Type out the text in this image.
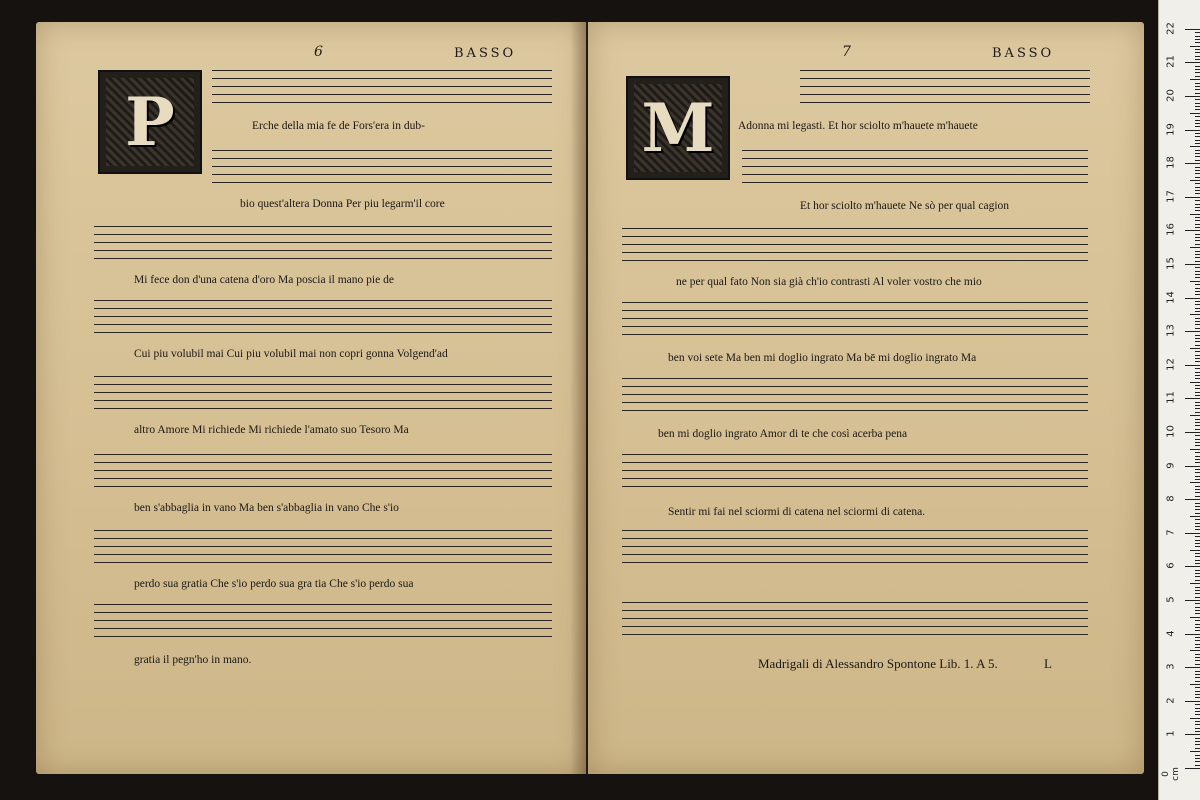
6	BASSO
P	Erche della mia fe de Fors'era in dub-

bio quest'altera Donna Per piu legarm'il core

Mi fece don d'una catena d'oro Ma poscia il mano pie de

Cui piu volubil mai Cui piu volubil mai non copri gonna Volgend'ad

altro Amore Mi richiede Mi richiede l'amato suo Tesoro Ma

ben s'abbaglia in vano Ma ben s'abbaglia in vano Che s'io

perdo sua gratia Che s'io perdo sua gra tia Che s'io perdo sua

gratia il pegn'ho in mano.

7	BASSO
M	Adonna mi legasti. Et hor sciolto m'hauete m'hauete

Et hor sciolto m'hauete Ne sò per qual cagion

ne per qual fato Non sia già ch'io contrasti Al voler vostro che mio

ben voi sete Ma ben mi doglio ingrato Ma bē mi doglio ingrato Ma

ben mi doglio ingrato Amor di te che così acerba pena

Sentir mi fai nel sciormi di catena nel sciormi di catena.

Madrigali di Alessandro Spontone Lib. 1. A 5.	L

0 cm
1
2
3
4
5
6
7
8
9
10
11
12
13
14
15
16
17
18
19
20
21
22
